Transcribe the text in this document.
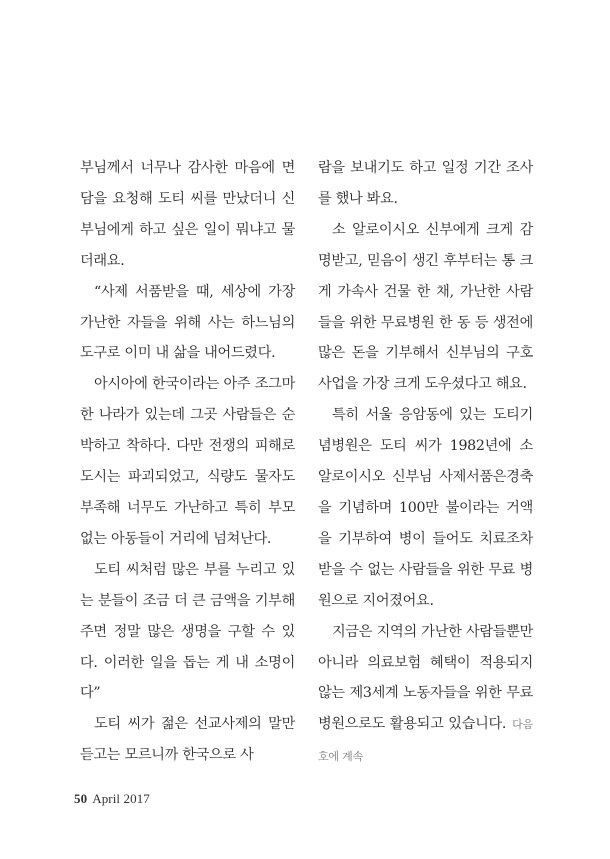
부님께서 너무나 감사한 마음에 면담을 요청해 도티 씨를 만났더니 신부님에게 하고 싶은 일이 뭐냐고 물더래요.

“사제 서품받을 때, 세상에 가장 가난한 자들을 위해 사는 하느님의 도구로 이미 내 삶을 내어드렸다.

아시아에 한국이라는 아주 조그마한 나라가 있는데 그곳 사람들은 순박하고 착하다. 다만 전쟁의 피해로 도시는 파괴되었고, 식량도 물자도 부족해 너무도 가난하고 특히 부모 없는 아동들이 거리에 넘쳐난다.

도티 씨처럼 많은 부를 누리고 있는 분들이 조금 더 큰 금액을 기부해주면 정말 많은 생명을 구할 수 있다. 이러한 일을 돕는 게 내 소명이다”

도티 씨가 젊은 선교사제의 말만 듣고는 모르니까 한국으로 사

람을 보내기도 하고 일정 기간 조사를 했나 봐요.

소 알로이시오 신부에게 크게 감명받고, 믿음이 생긴 후부터는 통 크게 가속사 건물 한 채, 가난한 사람들을 위한 무료병원 한 동 등 생전에 많은 돈을 기부해서 신부님의 구호사업을 가장 크게 도우셨다고 해요.

특히 서울 응암동에 있는 도티기념병원은 도티 씨가 1982년에 소 알로이시오 신부님 사제서품은경축을 기념하며 100만 불이라는 거액을 기부하여 병이 들어도 치료조차 받을 수 없는 사람들을 위한 무료 병원으로 지어졌어요.

지금은 지역의 가난한 사람들뿐만 아니라 의료보험 혜택이 적용되지 않는 제3세계 노동자들을 위한 무료 병원으로도 활용되고 있습니다. 다음호에 계속

50 April 2017
